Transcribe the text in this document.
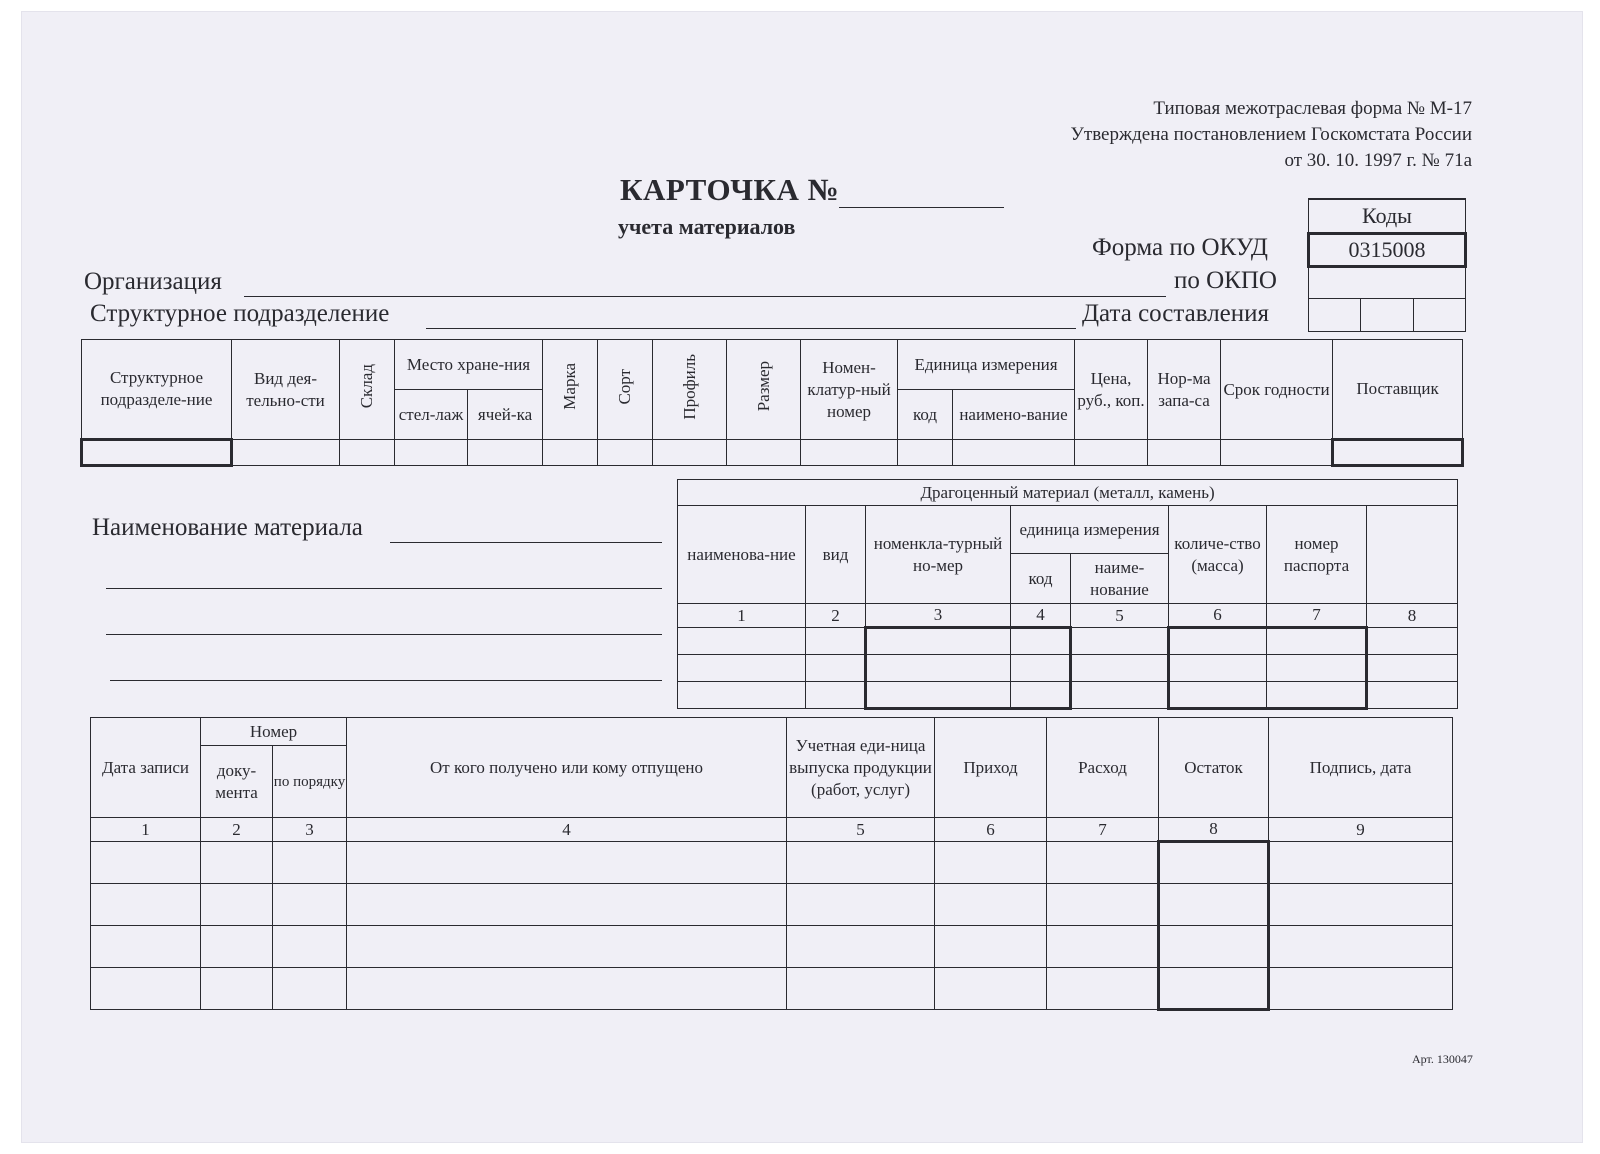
Типовая межотраслевая форма № М-17
Утверждена постановлением Госкомстата России
от 30. 10. 1997 г. № 71а
КАРТОЧКА №
учета материалов	Коды
0315008

Форма по ОКУД
по ОКПО
Дата составления
Организация
Структурное подразделение
Структурное подразделе-ние	Вид дея-тельно-сти	Склад	Место хране-ния		Марка	Сорт	Профиль	Размер	Номен-клатур-ный номер	Единица измерения		Цена, руб., коп.	Нор-ма запа-са	Срок годности	Поставщик
			стел-лаж	ячей-ка						код	наимено-вание				

Наименование материала
Драгоценный материал (металл, камень)							
наименова-ние	вид	номенкла-турный но-мер	единица измерения		количе-ство (масса)	номер паспорта	
			код	наиме-нование			
1	2	3	4	5	6	7	8

Дата записи	Номер		От кого получено или кому отпущено	Учетная еди-ница выпуска продукции (работ, услуг)	Приход	Расход	Остаток	Подпись, дата
	доку-мента	по порядку						
1	2	3	4	5	6	7	8	9

Арт. 130047
